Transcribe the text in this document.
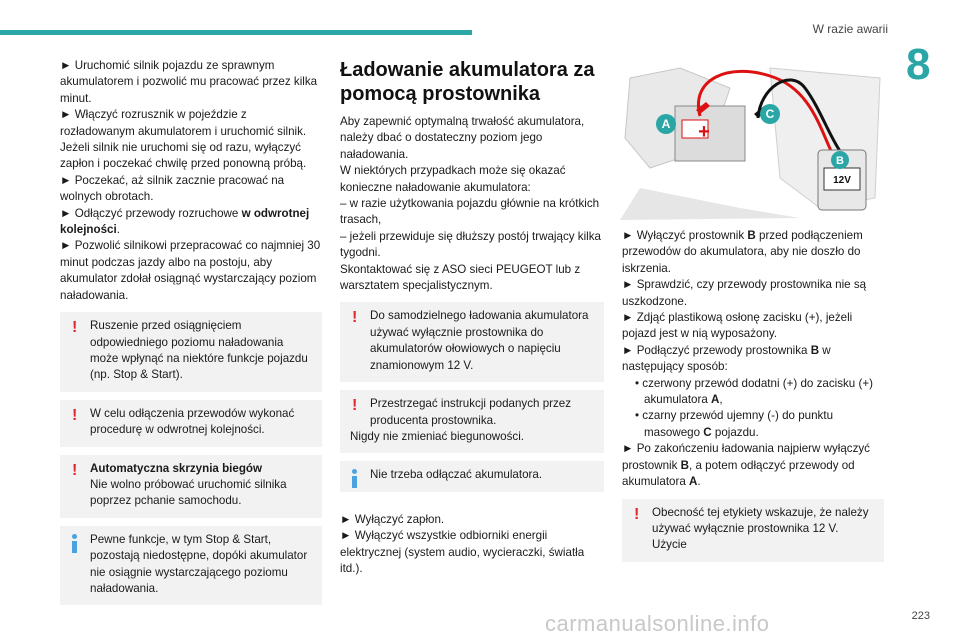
W razie awarii
8

► Uruchomić silnik pojazdu ze sprawnym akumulatorem i pozwolić mu pracować przez kilka minut.

► Włączyć rozrusznik w pojeździe z rozładowanym akumulatorem i uruchomić silnik.

Jeżeli silnik nie uruchomi się od razu, wyłączyć zapłon i poczekać chwilę przed ponowną próbą.

► Poczekać, aż silnik zacznie pracować na wolnych obrotach.

► Odłączyć przewody rozruchowe w odwrotnej kolejności.

► Pozwolić silnikowi przepracować co najmniej 30 minut podczas jazdy albo na postoju, aby akumulator zdołał osiągnąć wystarczający poziom naładowania.

!	Ruszenie przed osiągnięciem odpowiedniego poziomu naładowania może wpłynąć na niektóre funkcje pojazdu (np. Stop & Start).

!	W celu odłączenia przewodów wykonać procedurę w odwrotnej kolejności.

!	Automatyczna skrzynia biegów

Nie wolno próbować uruchomić silnika poprzez pchanie samochodu.

Pewne funkcje, w tym Stop & Start, pozostają niedostępne, dopóki akumulator nie osiągnie wystarczającego poziomu naładowania.

Ładowanie akumulatora za pomocą prostownika

Aby zapewnić optymalną trwałość akumulatora, należy dbać o dostateczny poziom jego naładowania.

W niektórych przypadkach może się okazać konieczne naładowanie akumulatora:

– w razie użytkowania pojazdu głównie na krótkich trasach,

– jeżeli przewiduje się dłuższy postój trwający kilka tygodni.

Skontaktować się z ASO sieci PEUGEOT lub z warsztatem specjalistycznym.

!	Do samodzielnego ładowania akumulatora używać wyłącznie prostownika do akumulatorów ołowiowych o napięciu znamionowym 12 V.

!	Przestrzegać instrukcji podanych przez producenta prostownika.

Nigdy nie zmieniać biegunowości.

Nie trzeba odłączać akumulatora.

► Wyłączyć zapłon.

► Wyłączyć wszystkie odbiorniki energii elektrycznej (system audio, wycieraczki, światła itd.).

+
12V
A
C
B

► Wyłączyć prostownik B przed podłączeniem przewodów do akumulatora, aby nie doszło do iskrzenia.

► Sprawdzić, czy przewody prostownika nie są uszkodzone.

► Zdjąć plastikową osłonę zacisku (+), jeżeli pojazd jest w nią wyposażony.

► Podłączyć przewody prostownika B w następujący sposób:

• czerwony przewód dodatni (+) do zacisku (+) akumulatora A,

• czarny przewód ujemny (-) do punktu masowego C pojazdu.

► Po zakończeniu ładowania najpierw wyłączyć prostownik B, a potem odłączyć przewody od akumulatora A.

!	Obecność tej etykiety wskazuje, że należy używać wyłącznie prostownika 12 V. Użycie

carmanualsonline.info	223
